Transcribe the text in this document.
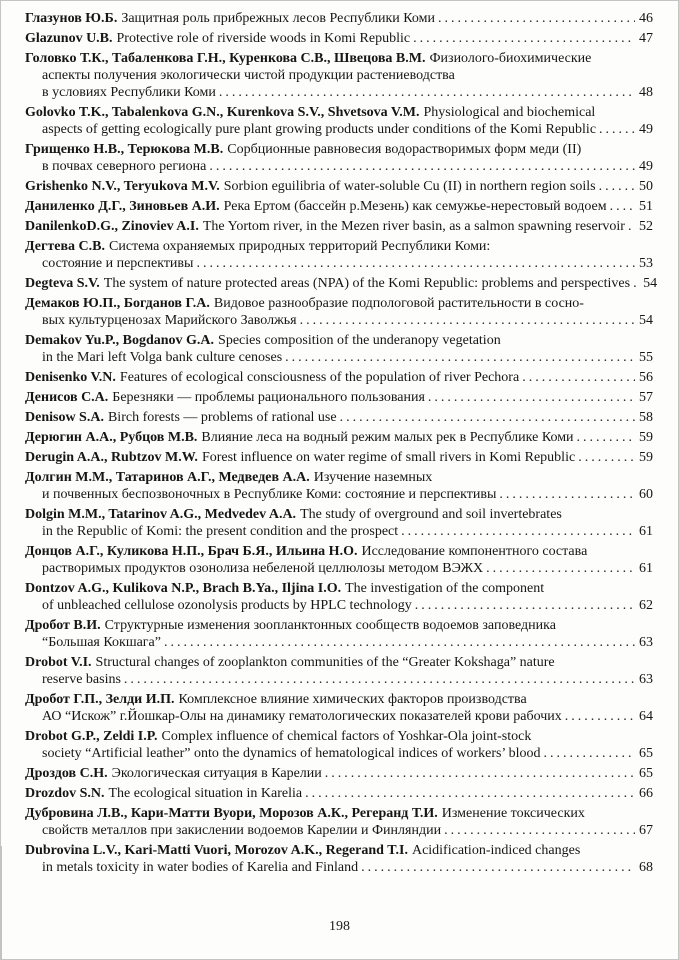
Глазунов Ю.Б. Защитная роль прибрежных лесов Республики Коми .....	46
Glazunov U.B. Protective role of riverside woods in Komi Republic .....	47
Головко Т.К., Табаленкова Г.Н., Куренкова С.В., Швецова В.М. Физиолого-биохимические
аспекты получения экологически чистой продукции растениеводства
в условиях Республики Коми .....	48
Golovko T.K., Tabalenkova G.N., Kurenkova S.V., Shvetsova V.M. Physiological and biochemical
aspects of getting ecologically pure plant growing products under conditions of the Komi Republic .....	49
Грищенко Н.В., Терюкова М.В. Сорбционные равновесия водорастворимых форм меди (II)
в почвах северного региона .....	49
Grishenko N.V., Teryukova M.V. Sorbion eguilibria of water-soluble Cu (II) in northern region soils .....	50
Даниленко Д.Г., Зиновьев А.И. Река Ертом (бассейн р.Мезень) как семужье-нерестовый водоем ..... 51
DanilenkoD.G., Zinoviev A.I. The Yortom river, in the Mezen river basin, as a salmon spawning reservoir ..... 52
Дегтева С.В. Система охраняемых природных территорий Республики Коми:
состояние и перспективы .....	53
Degteva S.V. The system of nature protected areas (NPA) of the Komi Republic: problems and perspectives ..... 54
Демаков Ю.П., Богданов Г.А. Видовое разнообразие подпологовой растительности в сосно-
вых культурценозах Марийского Заволжья .....	54
Demakov Yu.P., Bogdanov G.A. Species composition of the underanopy vegetation
in the Mari left Volga bank culture cenoses .....	55
Denisenko V.N. Features of ecological consciousness of the population of river Pechora .....	56
Денисов С.А. Березняки — проблемы рационального пользования .....	57
Denisow S.A. Birch forests — problems of rational use .....	58
Дерюгин А.А., Рубцов М.В. Влияние леса на водный режим малых рек в Республике Коми .....	59
Derugin A.A., Rubtzov M.W. Forest influence on water regime of small rivers in Komi Republic .....	59
Долгин М.М., Татаринов А.Г., Медведев А.А. Изучение наземных
и почвенных беспозвоночных в Республике Коми: состояние и перспективы .....	60
Dolgin M.M., Tatarinov A.G., Medvedev A.A. The study of overground and soil invertebrates
in the Republic of Komi: the present condition and the prospect .....	61
Донцов А.Г., Куликова Н.П., Брач Б.Я., Ильина Н.О. Исследование компонентного состава
растворимых продуктов озонолиза небеленой целлюлозы методом ВЭЖХ .....	61
Dontzov A.G., Kulikova N.P., Brach B.Ya., Iljina I.O. The investigation of the component
of unbleached cellulose ozonolysis products by HPLC technology .....	62
Дробот В.И. Структурные изменения зоопланктонных сообществ водоемов заповедника
“Большая Кокшага” .....	63
Drobot V.I. Structural changes of zooplankton communities of the “Greater Kokshaga” nature
reserve basins .....	63
Дробот Г.П., Зелди И.П. Комплексное влияние химических факторов производства
АО “Искож” г.Йошкар-Олы на динамику гематологических показателей крови рабочих .....	64
Drobot G.P., Zeldi I.P. Complex influence of chemical factors of Yoshkar-Ola joint-stock
society “Artificial leather” onto the dynamics of hematological indices of workers’ blood .....	65
Дроздов С.Н. Экологическая ситуация в Карелии .....	65
Drozdov S.N. The ecological situation in Karelia .....	66
Дубровина Л.В., Кари-Матти Вуори, Морозов А.К., Регеранд Т.И. Изменение токсических
свойств металлов при закислении водоемов Карелии и Финляндии .....	67
Dubrovina L.V., Kari-Matti Vuori, Morozov A.K., Regerand T.I. Acidification-indiced changes
in metals toxicity in water bodies of Karelia and Finland .....	68
198
